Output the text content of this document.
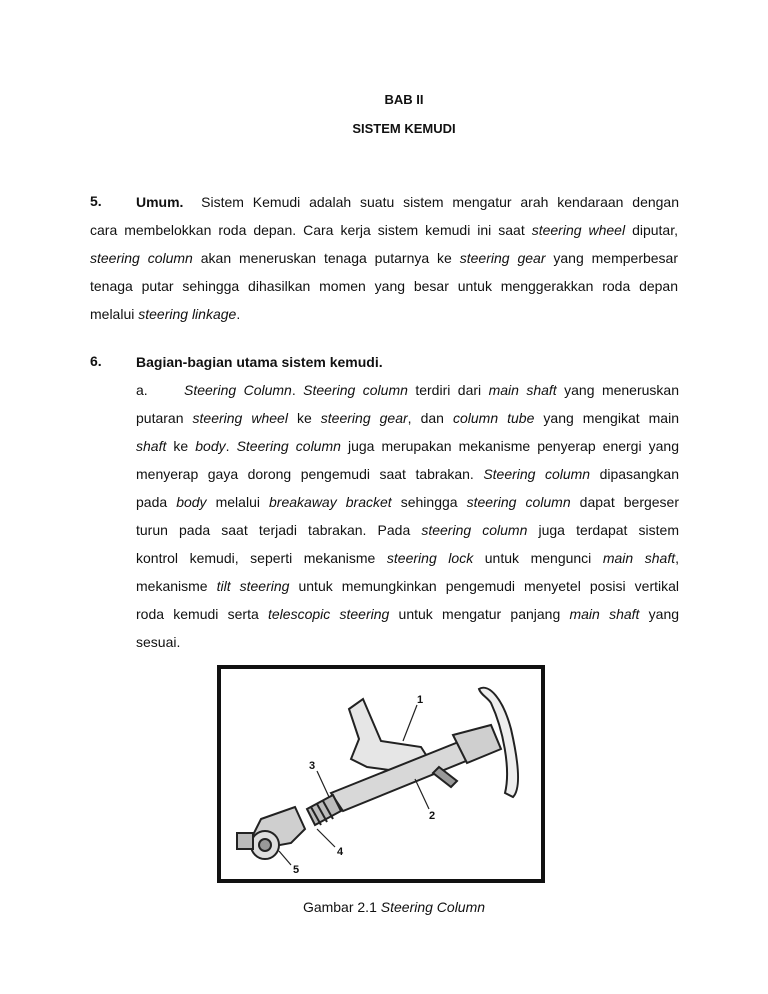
BAB II
SISTEM KEMUDI
5. Umum. Sistem Kemudi adalah suatu sistem mengatur arah kendaraan dengan
cara membelokkan roda depan. Cara kerja sistem kemudi ini saat steering wheel diputar,
steering column akan meneruskan tenaga putarnya ke steering gear yang memperbesar
tenaga putar sehingga dihasilkan momen yang besar untuk menggerakkan roda depan
melalui steering linkage.
6. Bagian-bagian utama sistem kemudi.
a.	Steering Column. Steering column terdiri dari main shaft yang meneruskan
putaran steering wheel ke steering gear, dan column tube yang mengikat main
shaft ke body. Steering column juga merupakan mekanisme penyerap energi yang
menyerap gaya dorong pengemudi saat tabrakan. Steering column dipasangkan
pada body melalui breakaway bracket sehingga steering column dapat bergeser
turun pada saat terjadi tabrakan. Pada steering column juga terdapat sistem
kontrol kemudi, seperti mekanisme steering lock untuk mengunci main shaft,
mekanisme tilt steering untuk memungkinkan pengemudi menyetel posisi vertikal
roda kemudi serta telescopic steering untuk mengatur panjang main shaft yang
sesuai.
1
2
3
4
5
Gambar 2.1 Steering Column
